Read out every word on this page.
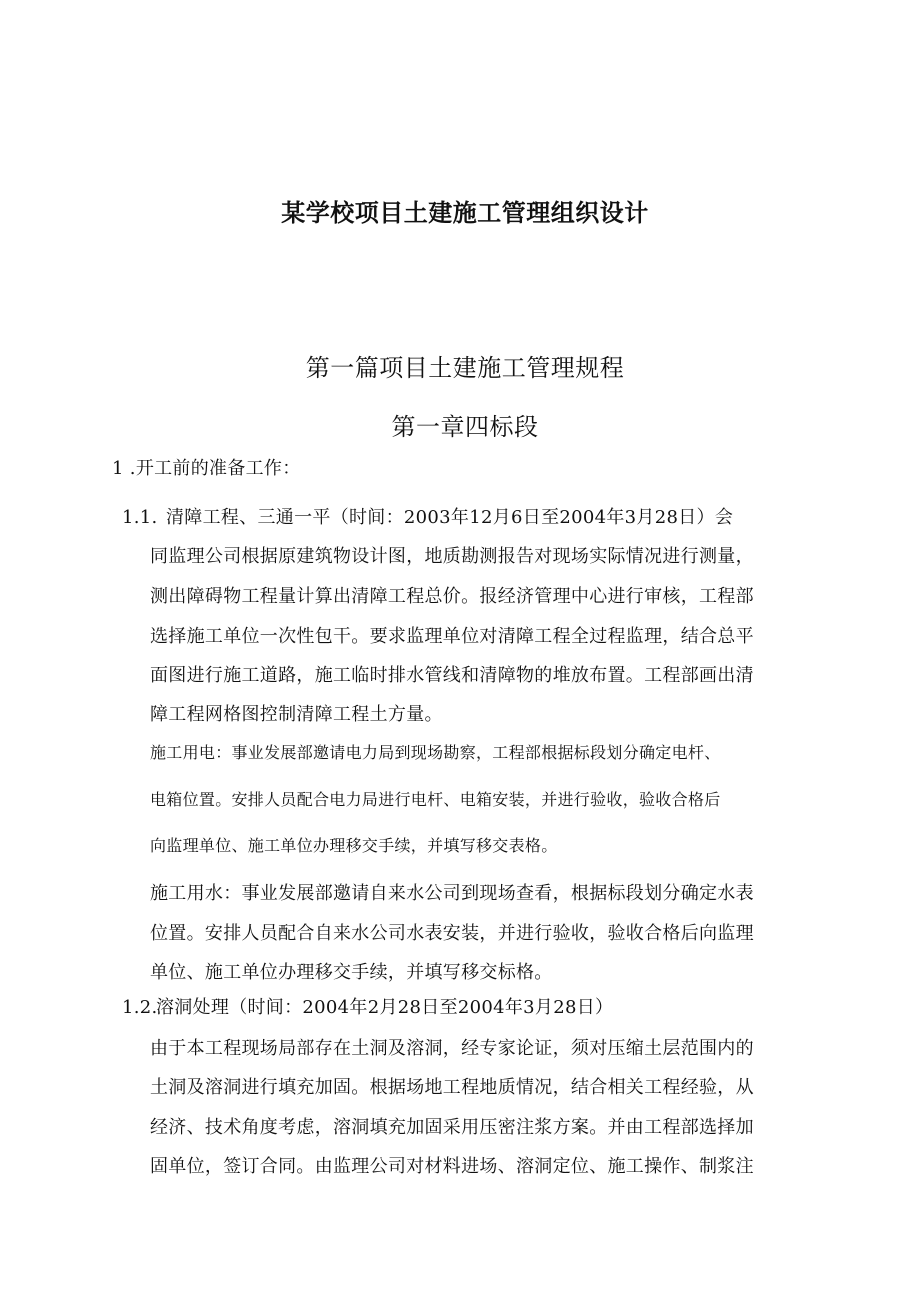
某学校项目土建施工管理组织设计
第一篇项目土建施工管理规程
第一章四标段
1 .开工前的准备工作：
1.1. 清障工程、三通一平（时间：2003年12月6日至2004年3月28日）会

同监理公司根据原建筑物设计图，地质勘测报告对现场实际情况进行测量，

测出障碍物工程量计算出清障工程总价。报经济管理中心进行审核，工程部

选择施工单位一次性包干。要求监理单位对清障工程全过程监理，结合总平

面图进行施工道路，施工临时排水管线和清障物的堆放布置。工程部画出清

障工程网格图控制清障工程土方量。

施工用电：事业发展部邀请电力局到现场勘察，工程部根据标段划分确定电杆、

电箱位置。安排人员配合电力局进行电杆、电箱安装，并进行验收，验收合格后

向监理单位、施工单位办理移交手续，并填写移交表格。

施工用水：事业发展部邀请自来水公司到现场查看，根据标段划分确定水表

位置。安排人员配合自来水公司水表安装，并进行验收，验收合格后向监理

单位、施工单位办理移交手续，并填写移交标格。

1.2.溶洞处理（时间：2004年2月28日至2004年3月28日）

由于本工程现场局部存在土洞及溶洞，经专家论证，须对压缩土层范围内的

土洞及溶洞进行填充加固。根据场地工程地质情况，结合相关工程经验，从

经济、技术角度考虑，溶洞填充加固采用压密注浆方案。并由工程部选择加

固单位，签订合同。由监理公司对材料进场、溶洞定位、施工操作、制浆注
